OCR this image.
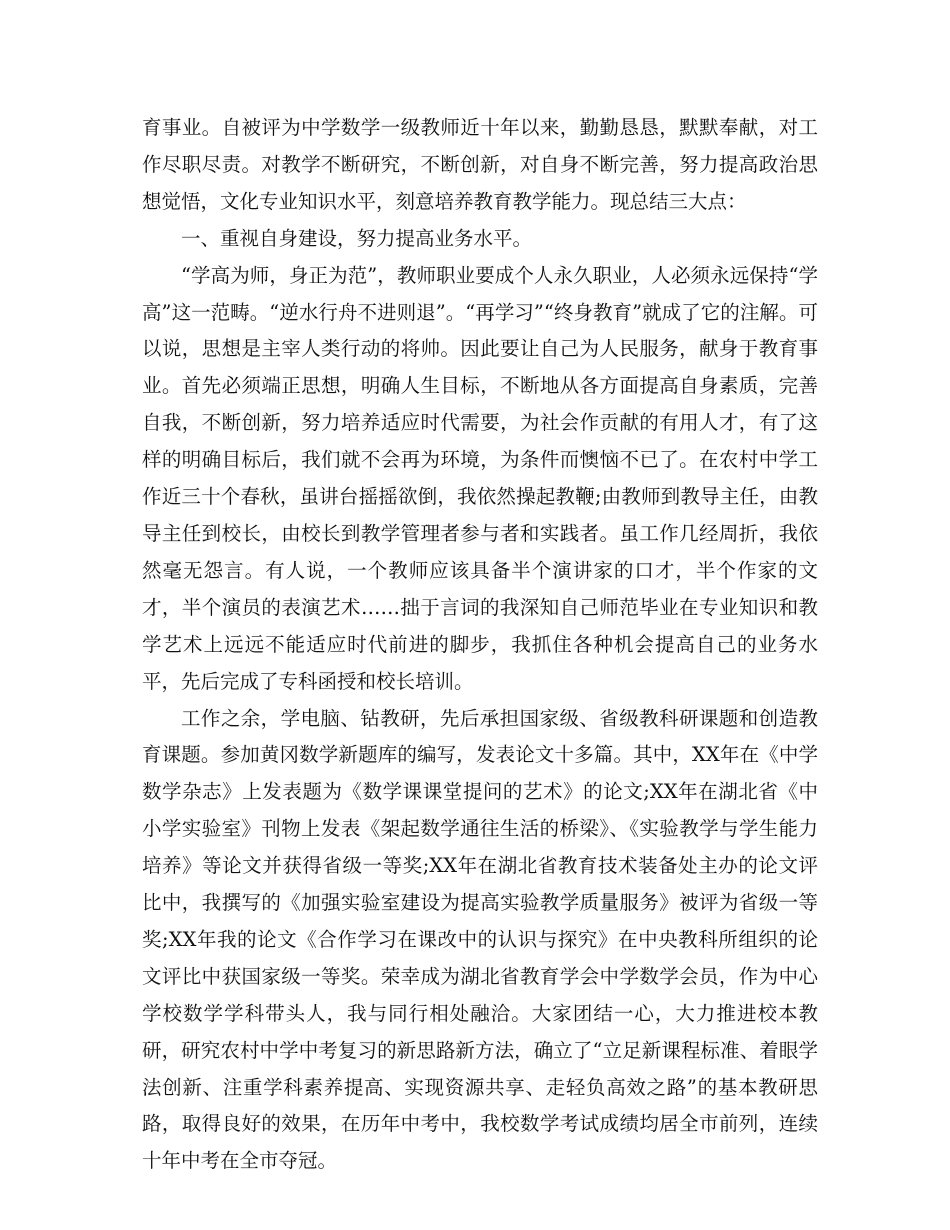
育事业。自被评为中学数学一级教师近十年以来，勤勤恳恳，默默奉献，对工作尽职尽责。对教学不断研究，不断创新，对自身不断完善，努力提高政治思想觉悟，文化专业知识水平，刻意培养教育教学能力。现总结三大点：

一、重视自身建设，努力提高业务水平。

“学高为师，身正为范”，教师职业要成个人永久职业，人必须永远保持“学高”这一范畴。“逆水行舟不进则退”。“再学习”“终身教育”就成了它的注解。可以说，思想是主宰人类行动的将帅。因此要让自己为人民服务，献身于教育事业。首先必须端正思想，明确人生目标，不断地从各方面提高自身素质，完善自我，不断创新，努力培养适应时代需要，为社会作贡献的有用人才，有了这样的明确目标后，我们就不会再为环境，为条件而懊恼不已了。在农村中学工作近三十个春秋，虽讲台摇摇欲倒，我依然操起教鞭;由教师到教导主任，由教导主任到校长，由校长到教学管理者参与者和实践者。虽工作几经周折，我依然毫无怨言。有人说，一个教师应该具备半个演讲家的口才，半个作家的文才，半个演员的表演艺术……拙于言词的我深知自己师范毕业在专业知识和教学艺术上远远不能适应时代前进的脚步，我抓住各种机会提高自己的业务水平，先后完成了专科函授和校长培训。

工作之余，学电脑、钻教研，先后承担国家级、省级教科研课题和创造教育课题。参加黄冈数学新题库的编写，发表论文十多篇。其中，XX年在《中学数学杂志》上发表题为《数学课课堂提问的艺术》的论文;XX年在湖北省《中小学实验室》刊物上发表《架起数学通往生活的桥梁》、《实验教学与学生能力培养》等论文并获得省级一等奖;XX年在湖北省教育技术装备处主办的论文评比中，我撰写的《加强实验室建设为提高实验教学质量服务》被评为省级一等奖;XX年我的论文《合作学习在课改中的认识与探究》在中央教科所组织的论文评比中获国家级一等奖。荣幸成为湖北省教育学会中学数学会员，作为中心学校数学学科带头人，我与同行相处融洽。大家团结一心，大力推进校本教研，研究农村中学中考复习的新思路新方法，确立了“立足新课程标准、着眼学法创新、注重学科素养提高、实现资源共享、走轻负高效之路”的基本教研思路，取得良好的效果，在历年中考中，我校数学考试成绩均居全市前列，连续十年中考在全市夺冠。
